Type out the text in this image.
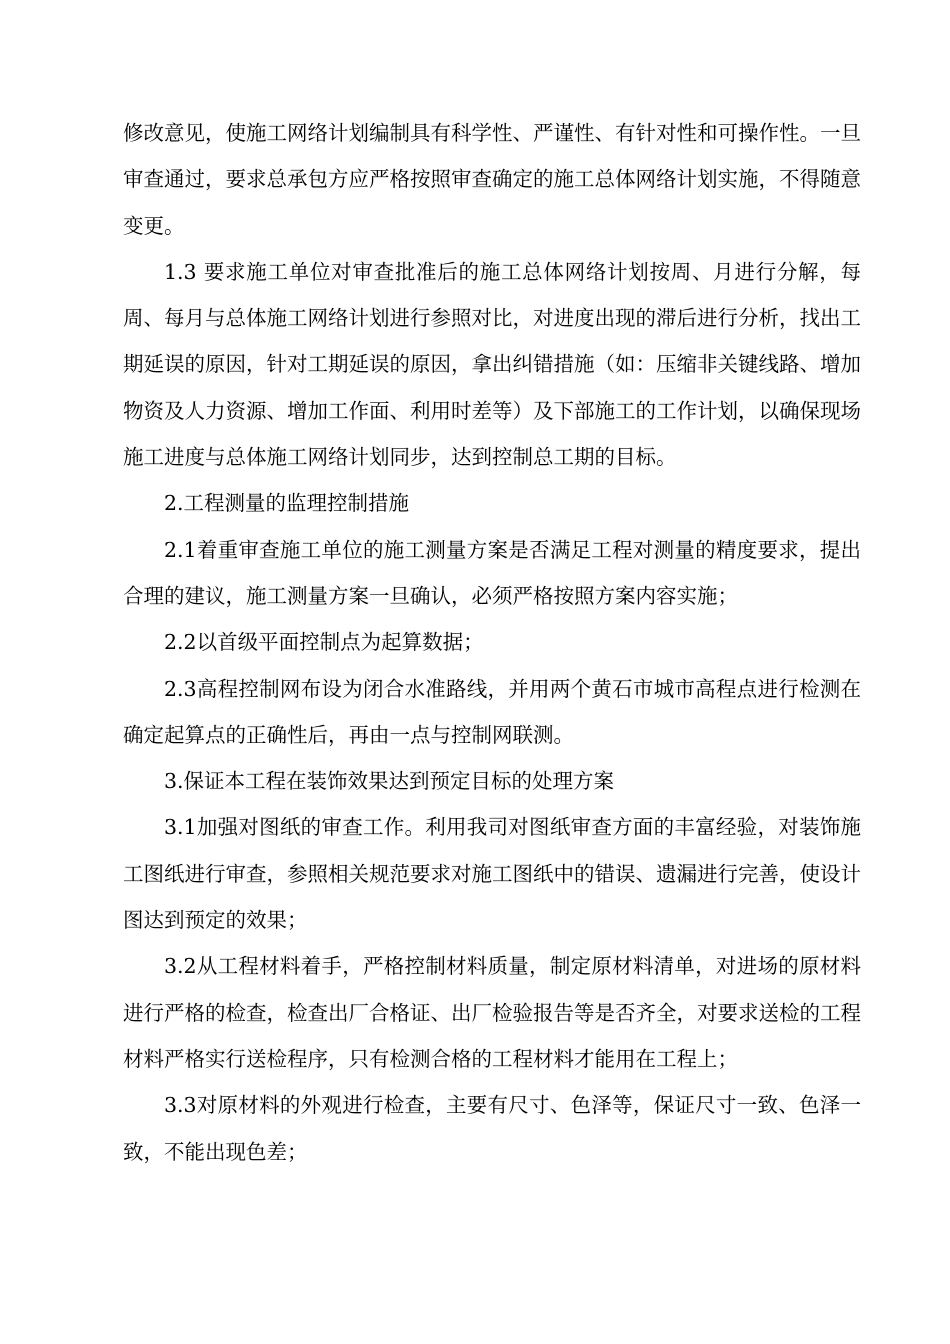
修改意见，使施工网络计划编制具有科学性、严谨性、有针对性和可操作性。一旦审查通过，要求总承包方应严格按照审查确定的施工总体网络计划实施，不得随意变更。

1.3 要求施工单位对审查批准后的施工总体网络计划按周、月进行分解，每周、每月与总体施工网络计划进行参照对比，对进度出现的滞后进行分析，找出工期延误的原因，针对工期延误的原因，拿出纠错措施（如：压缩非关键线路、增加物资及人力资源、增加工作面、利用时差等）及下部施工的工作计划，以确保现场施工进度与总体施工网络计划同步，达到控制总工期的目标。

2.工程测量的监理控制措施

2.1着重审查施工单位的施工测量方案是否满足工程对测量的精度要求，提出合理的建议，施工测量方案一旦确认，必须严格按照方案内容实施；

2.2以首级平面控制点为起算数据；

2.3高程控制网布设为闭合水准路线，并用两个黄石市城市高程点进行检测在确定起算点的正确性后，再由一点与控制网联测。

3.保证本工程在装饰效果达到预定目标的处理方案

3.1加强对图纸的审查工作。利用我司对图纸审查方面的丰富经验，对装饰施工图纸进行审查，参照相关规范要求对施工图纸中的错误、遗漏进行完善，使设计图达到预定的效果；

3.2从工程材料着手，严格控制材料质量，制定原材料清单，对进场的原材料进行严格的检查，检查出厂合格证、出厂检验报告等是否齐全，对要求送检的工程材料严格实行送检程序，只有检测合格的工程材料才能用在工程上；

3.3对原材料的外观进行检查，主要有尺寸、色泽等，保证尺寸一致、色泽一致，不能出现色差；
